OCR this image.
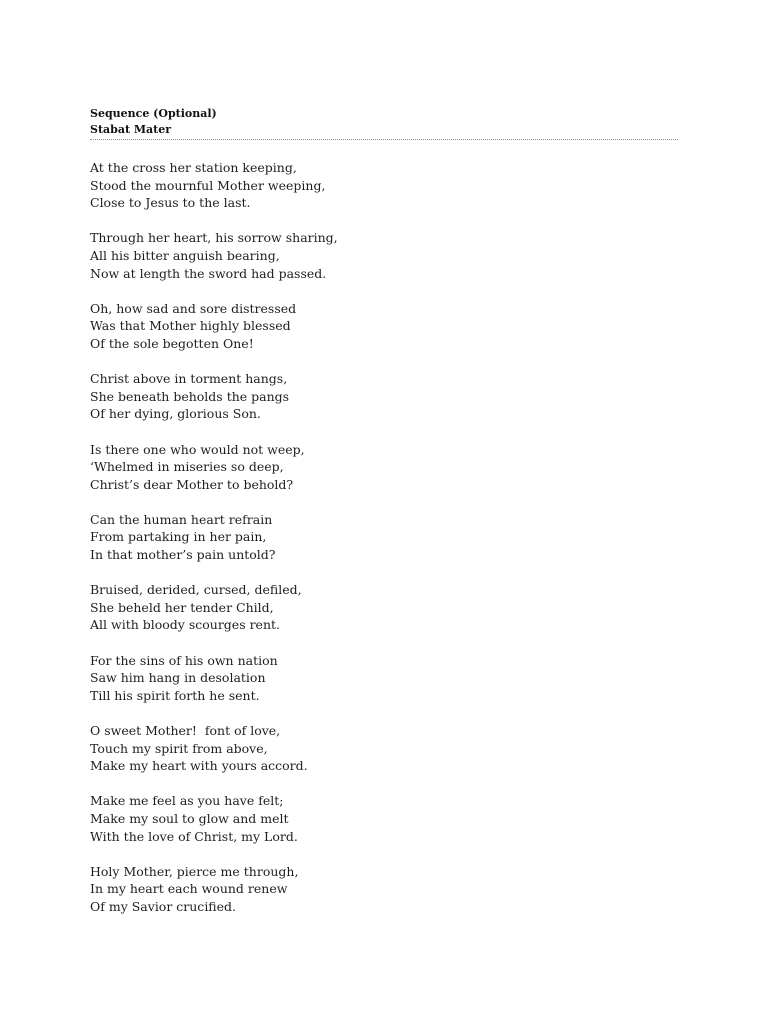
Sequence (Optional)
Stabat Mater
At the cross her station keeping,
Stood the mournful Mother weeping,
Close to Jesus to the last.
Through her heart, his sorrow sharing,
All his bitter anguish bearing,
Now at length the sword had passed.
Oh, how sad and sore distressed
Was that Mother highly blessed
Of the sole begotten One!
Christ above in torment hangs,
She beneath beholds the pangs
Of her dying, glorious Son.
Is there one who would not weep,
‘Whelmed in miseries so deep,
Christ’s dear Mother to behold?
Can the human heart refrain
From partaking in her pain,
In that mother’s pain untold?
Bruised, derided, cursed, defiled,
She beheld her tender Child,
All with bloody scourges rent.
For the sins of his own nation
Saw him hang in desolation
Till his spirit forth he sent.
O sweet Mother!  font of love,
Touch my spirit from above,
Make my heart with yours accord.
Make me feel as you have felt;
Make my soul to glow and melt
With the love of Christ, my Lord.
Holy Mother, pierce me through,
In my heart each wound renew
Of my Savior crucified.
